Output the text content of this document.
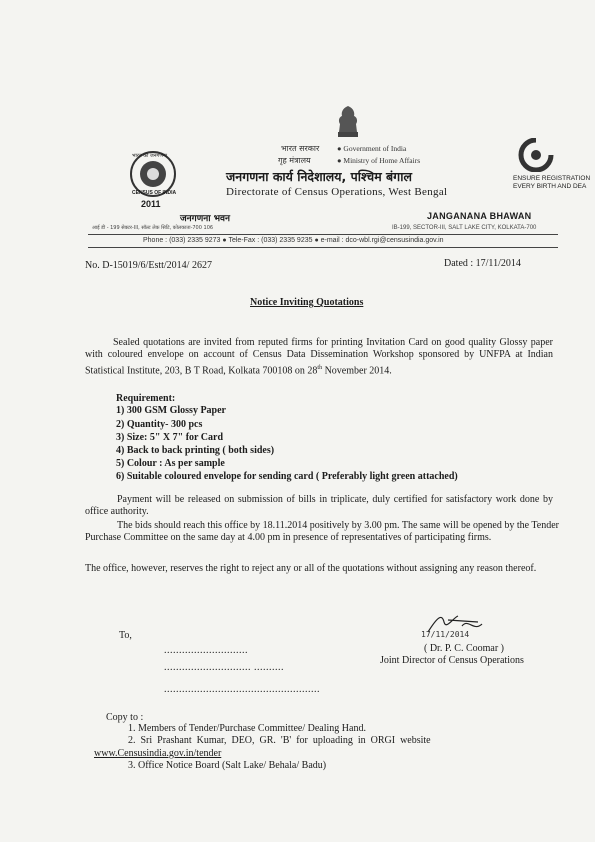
भारत सरकार
गृह मंत्रालय
● Government of India
● Ministry of Home Affairs
जनगणना कार्य निदेशालय, पश्चिम बंगाल
Directorate of Census Operations, West Bengal
भारत की जनगणना
CENSUS OF INDIA
2011
ENSURE REGISTRATION
EVERY BIRTH AND DEA
जनगणना भवन
आई डी - 199 सेक्टर-III, सॉल्ट लेक सिटि, कोलकाता-700 106
JANGANANA BHAWAN
IB-199, SECTOR-III, SALT LAKE CITY, KOLKATA-700
Phone : (033) 2335 9273 ● Tele-Fax : (033) 2335 9235 ● e-mail : dco-wbl.rgi@censusindia.gov.in
No. D-15019/6/Estt/2014/ 2627	Dated : 17/11/2014
Notice Inviting Quotations
Sealed quotations are invited from reputed firms for printing Invitation Card on good quality Glossy paper with coloured envelope on account of Census Data Dissemination Workshop sponsored by UNFPA at Indian Statistical Institute, 203, B T Road, Kolkata 700108 on 28th November 2014.
Requirement:
1) 300 GSM Glossy Paper
2) Quantity- 300 pcs
3) Size: 5" X 7" for Card
4) Back to back printing ( both sides)
5) Colour : As per sample
6) Suitable coloured envelope for sending card ( Preferably light green attached)
Payment will be released on submission of bills in triplicate, duly certified for satisfactory work done by office authority.
The bids should reach this office by 18.11.2014 positively by 3.00 pm. The same will be opened by the Tender Purchase Committee on the same day at 4.00 pm in presence of representatives of participating firms.
The office, however, reserves the right to reject any or all of the quotations without assigning any reason thereof.
17/11/2014
( Dr. P. C. Coomar )
Joint Director of Census Operations
To,
............................
............................. ..........
....................................................
Copy to :
1. Members of Tender/Purchase Committee/ Dealing Hand.
2.  Sri  Prashant  Kumar,  DEO,  GR.  'B'  for  uploading  in  ORGI  website
www.Censusindia.gov.in/tender
3. Office Notice Board (Salt Lake/ Behala/ Badu)
